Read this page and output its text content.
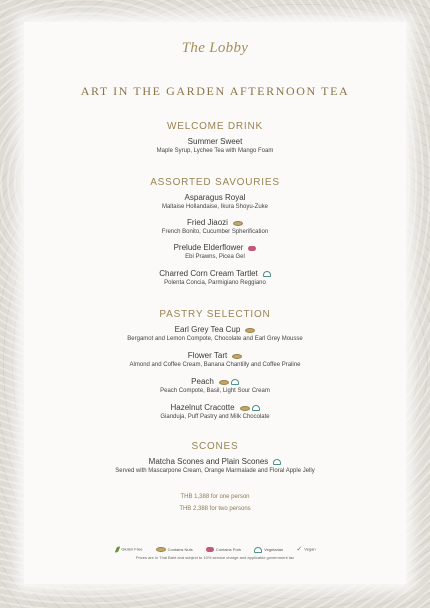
The Lobby
ART IN THE GARDEN AFTERNOON TEA
WELCOME DRINK
Summer Sweet
Maple Syrup, Lychee Tea with Mango Foam
ASSORTED SAVOURIES
Asparagus Royal
Maltaise Hollandaise, Ikura Shoyu-Zuke
Fried Jiaozi
French Bonito, Cucumber Spherification
Prelude Elderflower
Ebi Prawns, Picea Gel
Charred Corn Cream Tartlet
Polenta Concia, Parmigiano Reggiano
PASTRY SELECTION
Earl Grey Tea Cup
Bergamot and Lemon Compote, Chocolate and Earl Grey Mousse
Flower Tart
Almond and Coffee Cream, Banana Chantilly and Coffee Praline
Peach
Peach Compote, Basil, Light Sour Cream
Hazelnut Cracotte
Gianduja, Puff Pastry and Milk Chocolate
SCONES
Matcha Scones and Plain Scones
Served with Mascarpone Cream, Orange Marmalade and Floral Apple Jelly
THB 1,388 for one person
THB 2,388 for two persons
Gluten Free	Contains Nuts	Contains Pork	Vegetarian ✓ Vegan
Prices are in Thai Baht and subject to 10% service charge and applicable government tax
